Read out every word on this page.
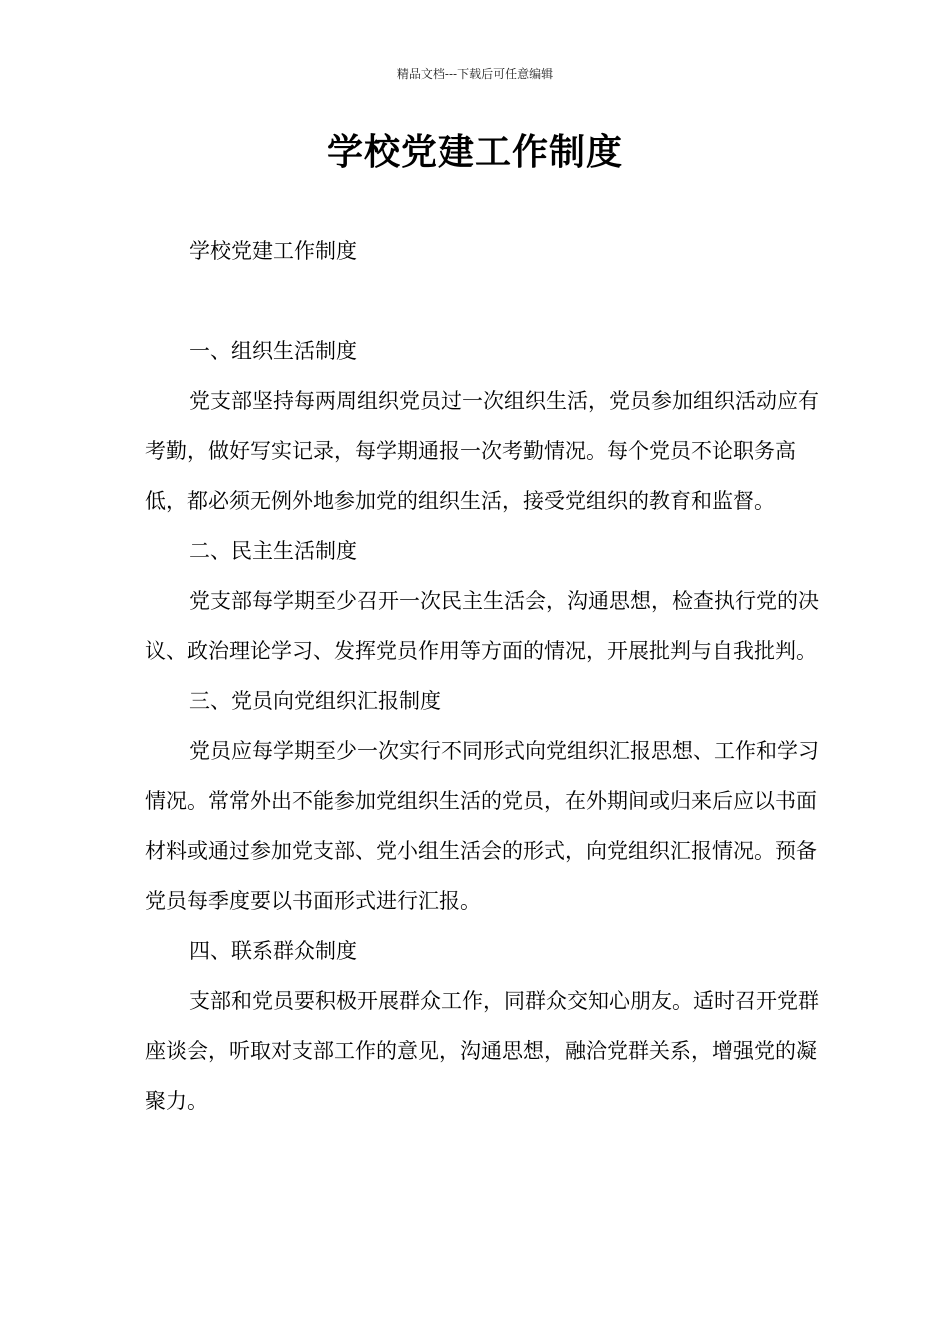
精品文档---下载后可任意编辑
学校党建工作制度

学校党建工作制度

一、组织生活制度

党支部坚持每两周组织党员过一次组织生活，党员参加组织活动应有考勤，做好写实记录，每学期通报一次考勤情况。每个党员不论职务高低，都必须无例外地参加党的组织生活，接受党组织的教育和监督。

二、民主生活制度

党支部每学期至少召开一次民主生活会，沟通思想，检查执行党的决议、政治理论学习、发挥党员作用等方面的情况，开展批判与自我批判。

三、党员向党组织汇报制度

党员应每学期至少一次实行不同形式向党组织汇报思想、工作和学习情况。常常外出不能参加党组织生活的党员，在外期间或归来后应以书面材料或通过参加党支部、党小组生活会的形式，向党组织汇报情况。预备党员每季度要以书面形式进行汇报。

四、联系群众制度

支部和党员要积极开展群众工作，同群众交知心朋友。适时召开党群座谈会，听取对支部工作的意见，沟通思想，融洽党群关系，增强党的凝聚力。
